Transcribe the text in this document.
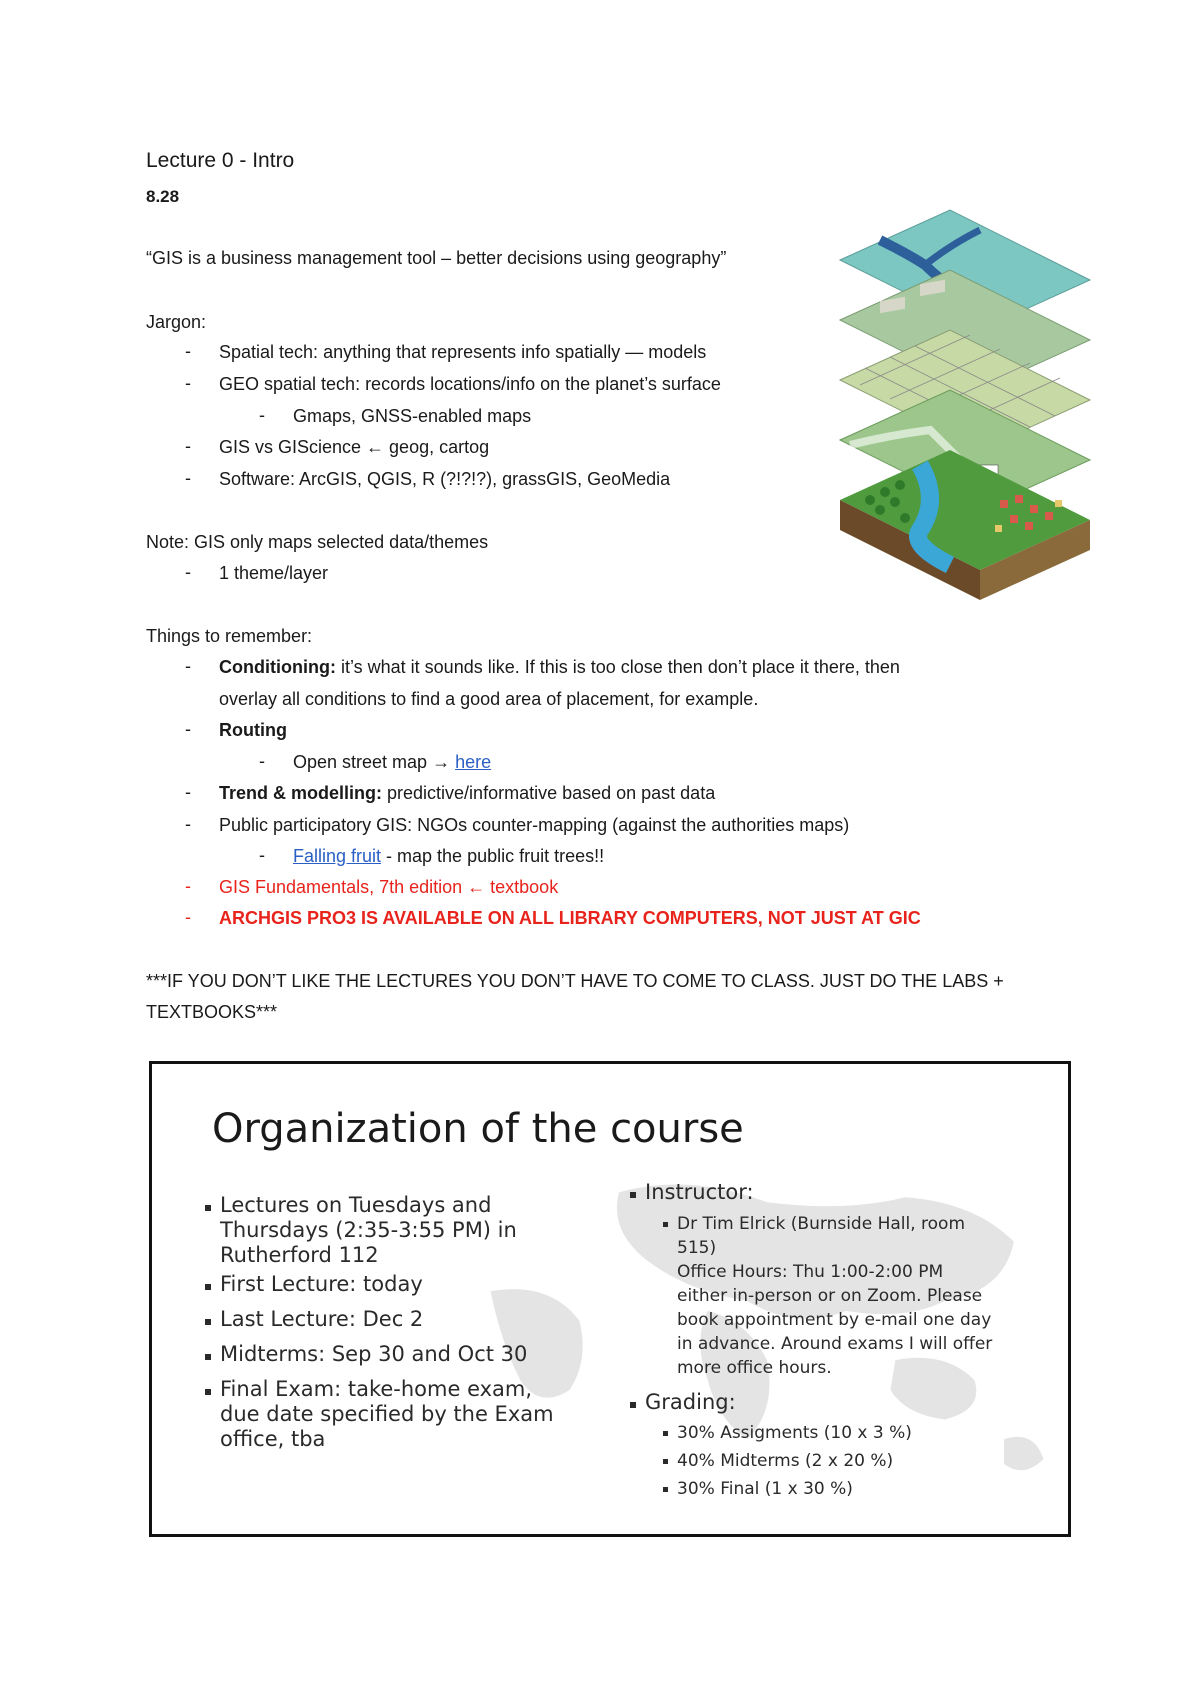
Lecture 0 - Intro
8.28
“GIS is a business management tool – better decisions using geography”
Jargon:
- Spatial tech: anything that represents info spatially — models
- GEO spatial tech: records locations/info on the planet’s surface
- Gmaps, GNSS-enabled maps
- GIS vs GIScience ← geog, cartog
- Software: ArcGIS, QGIS, R (?!?!?), grassGIS, GeoMedia
Note: GIS only maps selected data/themes
- 1 theme/layer
Things to remember:
- Conditioning: it’s what it sounds like. If this is too close then don’t place it there, then
overlay all conditions to find a good area of placement, for example.
- Routing
- Open street map → here
- Trend & modelling: predictive/informative based on past data
- Public participatory GIS: NGOs counter-mapping (against the authorities maps)
- Falling fruit - map the public fruit trees!!
- GIS Fundamentals, 7th edition ← textbook
- ARCHGIS PRO3 IS AVAILABLE ON ALL LIBRARY COMPUTERS, NOT JUST AT GIC
***IF YOU DON’T LIKE THE LECTURES YOU DON’T HAVE TO COME TO CLASS. JUST DO THE LABS +
TEXTBOOKS***
Organization of the course
Lectures on Tuesdays and
Thursdays (2:35-3:55 PM) in
Rutherford 112
First Lecture: today
Last Lecture: Dec 2
Midterms: Sep 30 and Oct 30
Final Exam: take-home exam,
due date specified by the Exam
office, tba
Instructor:
Dr Tim Elrick (Burnside Hall, room
515)
Office Hours: Thu 1:00-2:00 PM
either in-person or on Zoom. Please
book appointment by e-mail one day
in advance. Around exams I will offer
more office hours.
Grading:
30% Assigments (10 x 3 %)
40% Midterms (2 x 20 %)
30% Final (1 x 30 %)
